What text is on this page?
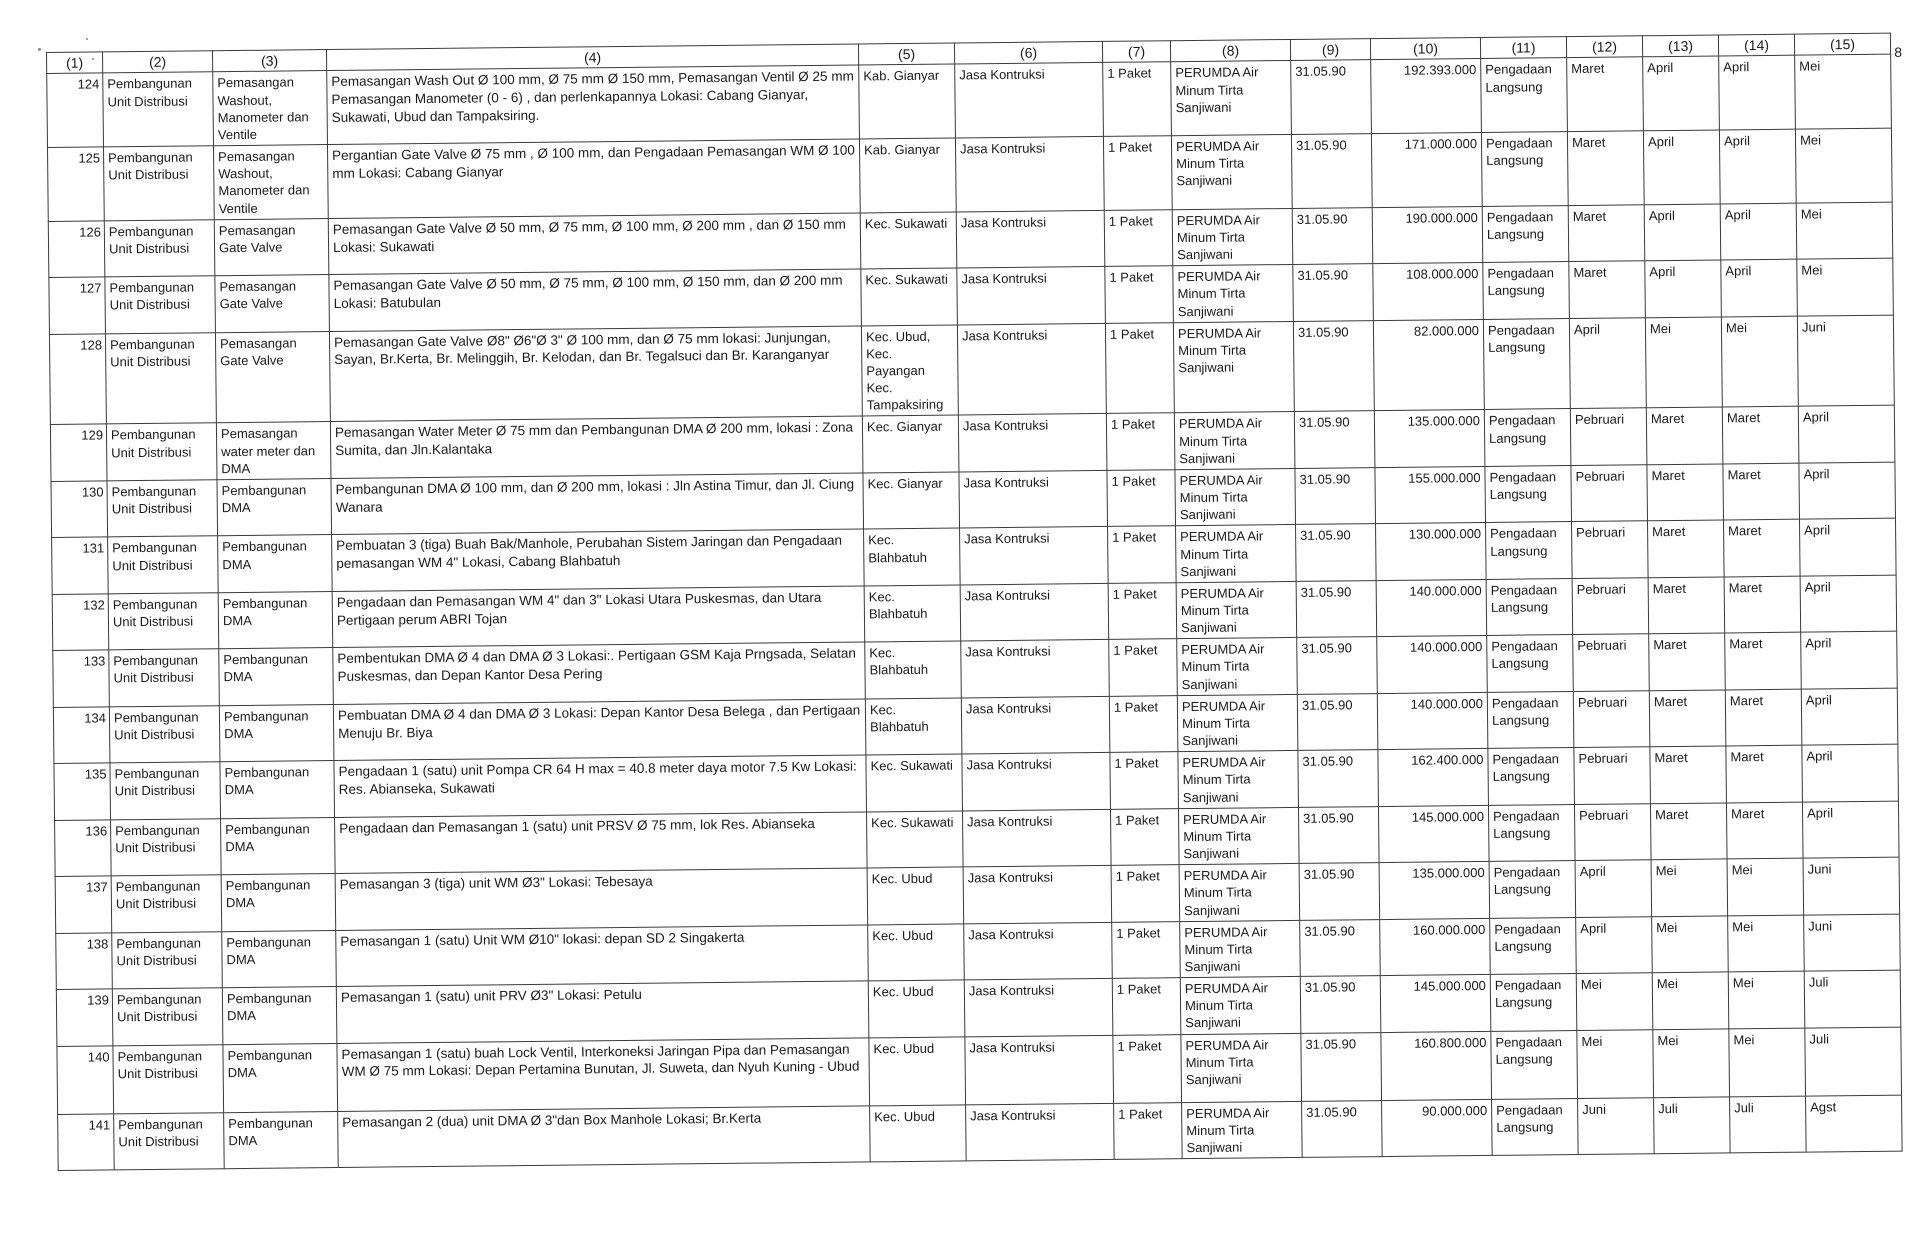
8
(1)	(2)	(3)	(4)	(5)	(6)	(7)	(8)	(9)	(10)	(11)	(12)	(13)	(14)	(15)
124	Pembangunan Unit Distribusi	Pemasangan Washout, Manometer dan Ventile	Pemasangan Wash Out Ø 100 mm, Ø 75 mm Ø 150 mm, Pemasangan Ventil Ø 25 mm Pemasangan Manometer (0 - 6) , dan perlenkapannya Lokasi: Cabang Gianyar, Sukawati, Ubud dan Tampaksiring.	Kab. Gianyar	Jasa Kontruksi	1 Paket	PERUMDA Air Minum Tirta Sanjiwani	31.05.90	192.393.000	Pengadaan Langsung	Maret	April	April	Mei
125	Pembangunan Unit Distribusi	Pemasangan Washout, Manometer dan Ventile	Pergantian Gate Valve Ø 75 mm , Ø 100 mm, dan Pengadaan Pemasangan WM Ø 100 mm Lokasi: Cabang Gianyar	Kab. Gianyar	Jasa Kontruksi	1 Paket	PERUMDA Air Minum Tirta Sanjiwani	31.05.90	171.000.000	Pengadaan Langsung	Maret	April	April	Mei
126	Pembangunan Unit Distribusi	Pemasangan Gate Valve	Pemasangan Gate Valve Ø 50 mm, Ø 75 mm, Ø 100 mm, Ø 200 mm , dan Ø 150 mm Lokasi: Sukawati	Kec. Sukawati	Jasa Kontruksi	1 Paket	PERUMDA Air Minum Tirta Sanjiwani	31.05.90	190.000.000	Pengadaan Langsung	Maret	April	April	Mei
127	Pembangunan Unit Distribusi	Pemasangan Gate Valve	Pemasangan Gate Valve Ø 50 mm, Ø 75 mm, Ø 100 mm, Ø 150 mm, dan Ø 200 mm Lokasi: Batubulan	Kec. Sukawati	Jasa Kontruksi	1 Paket	PERUMDA Air Minum Tirta Sanjiwani	31.05.90	108.000.000	Pengadaan Langsung	Maret	April	April	Mei
128	Pembangunan Unit Distribusi	Pemasangan Gate Valve	Pemasangan Gate Valve Ø8" Ø6"Ø 3" Ø 100 mm, dan Ø 75 mm lokasi: Junjungan, Sayan, Br.Kerta, Br. Melinggih, Br. Kelodan, dan Br. Tegalsuci dan Br. Karanganyar	Kec. Ubud, Kec. Payangan Kec. Tampaksiring	Jasa Kontruksi	1 Paket	PERUMDA Air Minum Tirta Sanjiwani	31.05.90	82.000.000	Pengadaan Langsung	April	Mei	Mei	Juni
129	Pembangunan Unit Distribusi	Pemasangan water meter dan DMA	Pemasangan Water Meter Ø 75 mm dan Pembangunan DMA Ø 200 mm, lokasi : Zona Sumita, dan Jln.Kalantaka	Kec. Gianyar	Jasa Kontruksi	1 Paket	PERUMDA Air Minum Tirta Sanjiwani	31.05.90	135.000.000	Pengadaan Langsung	Pebruari	Maret	Maret	April
130	Pembangunan Unit Distribusi	Pembangunan DMA	Pembangunan DMA Ø 100 mm, dan Ø 200 mm, lokasi : Jln Astina Timur, dan Jl. Ciung Wanara	Kec. Gianyar	Jasa Kontruksi	1 Paket	PERUMDA Air Minum Tirta Sanjiwani	31.05.90	155.000.000	Pengadaan Langsung	Pebruari	Maret	Maret	April
131	Pembangunan Unit Distribusi	Pembangunan DMA	Pembuatan 3 (tiga) Buah Bak/Manhole, Perubahan Sistem Jaringan dan Pengadaan pemasangan WM 4" Lokasi, Cabang Blahbatuh	Kec. Blahbatuh	Jasa Kontruksi	1 Paket	PERUMDA Air Minum Tirta Sanjiwani	31.05.90	130.000.000	Pengadaan Langsung	Pebruari	Maret	Maret	April
132	Pembangunan Unit Distribusi	Pembangunan DMA	Pengadaan dan Pemasangan WM 4" dan 3" Lokasi Utara Puskesmas, dan Utara Pertigaan perum ABRI Tojan	Kec. Blahbatuh	Jasa Kontruksi	1 Paket	PERUMDA Air Minum Tirta Sanjiwani	31.05.90	140.000.000	Pengadaan Langsung	Pebruari	Maret	Maret	April
133	Pembangunan Unit Distribusi	Pembangunan DMA	Pembentukan DMA Ø 4 dan DMA Ø 3 Lokasi:. Pertigaan GSM Kaja Prngsada, Selatan Puskesmas, dan Depan Kantor Desa Pering	Kec. Blahbatuh	Jasa Kontruksi	1 Paket	PERUMDA Air Minum Tirta Sanjiwani	31.05.90	140.000.000	Pengadaan Langsung	Pebruari	Maret	Maret	April
134	Pembangunan Unit Distribusi	Pembangunan DMA	Pembuatan DMA Ø 4 dan DMA Ø 3 Lokasi: Depan Kantor Desa Belega , dan Pertigaan Menuju Br. Biya	Kec. Blahbatuh	Jasa Kontruksi	1 Paket	PERUMDA Air Minum Tirta Sanjiwani	31.05.90	140.000.000	Pengadaan Langsung	Pebruari	Maret	Maret	April
135	Pembangunan Unit Distribusi	Pembangunan DMA	Pengadaan 1 (satu) unit Pompa CR 64 H max = 40.8 meter daya motor 7.5 Kw Lokasi: Res. Abianseka, Sukawati	Kec. Sukawati	Jasa Kontruksi	1 Paket	PERUMDA Air Minum Tirta Sanjiwani	31.05.90	162.400.000	Pengadaan Langsung	Pebruari	Maret	Maret	April
136	Pembangunan Unit Distribusi	Pembangunan DMA	Pengadaan dan Pemasangan 1 (satu) unit PRSV Ø 75 mm, lok Res. Abianseka	Kec. Sukawati	Jasa Kontruksi	1 Paket	PERUMDA Air Minum Tirta Sanjiwani	31.05.90	145.000.000	Pengadaan Langsung	Pebruari	Maret	Maret	April
137	Pembangunan Unit Distribusi	Pembangunan DMA	Pemasangan 3 (tiga) unit WM Ø3" Lokasi: Tebesaya	Kec. Ubud	Jasa Kontruksi	1 Paket	PERUMDA Air Minum Tirta Sanjiwani	31.05.90	135.000.000	Pengadaan Langsung	April	Mei	Mei	Juni
138	Pembangunan Unit Distribusi	Pembangunan DMA	Pemasangan 1 (satu) Unit WM Ø10" lokasi: depan SD 2 Singakerta	Kec. Ubud	Jasa Kontruksi	1 Paket	PERUMDA Air Minum Tirta Sanjiwani	31.05.90	160.000.000	Pengadaan Langsung	April	Mei	Mei	Juni
139	Pembangunan Unit Distribusi	Pembangunan DMA	Pemasangan 1 (satu) unit PRV Ø3" Lokasi: Petulu	Kec. Ubud	Jasa Kontruksi	1 Paket	PERUMDA Air Minum Tirta Sanjiwani	31.05.90	145.000.000	Pengadaan Langsung	Mei	Mei	Mei	Juli
140	Pembangunan Unit Distribusi	Pembangunan DMA	Pemasangan 1 (satu) buah Lock Ventil, Interkoneksi Jaringan Pipa dan Pemasangan WM Ø 75 mm Lokasi: Depan Pertamina Bunutan, Jl. Suweta, dan Nyuh Kuning - Ubud	Kec. Ubud	Jasa Kontruksi	1 Paket	PERUMDA Air Minum Tirta Sanjiwani	31.05.90	160.800.000	Pengadaan Langsung	Mei	Mei	Mei	Juli
141	Pembangunan Unit Distribusi	Pembangunan DMA	Pemasangan 2 (dua) unit DMA Ø 3"dan Box Manhole Lokasi; Br.Kerta	Kec. Ubud	Jasa Kontruksi	1 Paket	PERUMDA Air Minum Tirta Sanjiwani	31.05.90	90.000.000	Pengadaan Langsung	Juni	Juli	Juli	Agst
